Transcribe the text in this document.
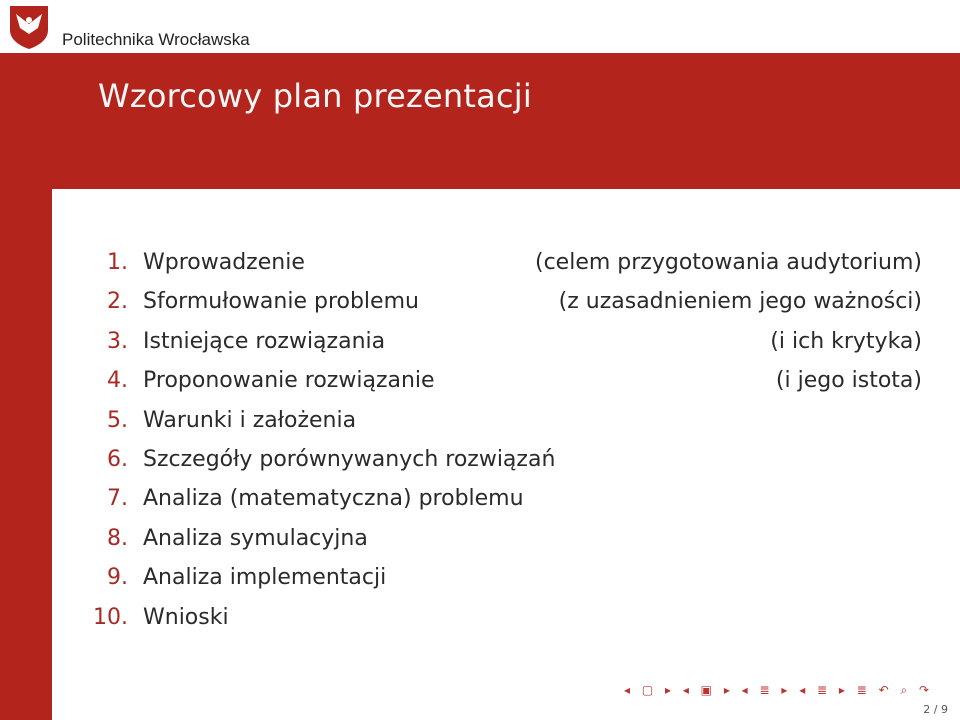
Politechnika Wrocławska
Wzorcowy plan prezentacji
1. Wprowadzenie	(celem przygotowania audytorium)
2. Sformułowanie problemu	(z uzasadnieniem jego ważności)
3. Istniejące rozwiązania	(i ich krytyka)
4. Proponowanie rozwiązanie	(i jego istota)
5. Warunki i założenia
6. Szczegóły porównywanych rozwiązań
7. Analiza (matematyczna) problemu
8. Analiza symulacyjna
9. Analiza implementacji
10. Wnioski
◂ ▢ ▸ ◂ ▣ ▸ ◂ ≣ ▸ ◂ ≣ ▸ ≣ ↶ ⌕ ↷
2 / 9
